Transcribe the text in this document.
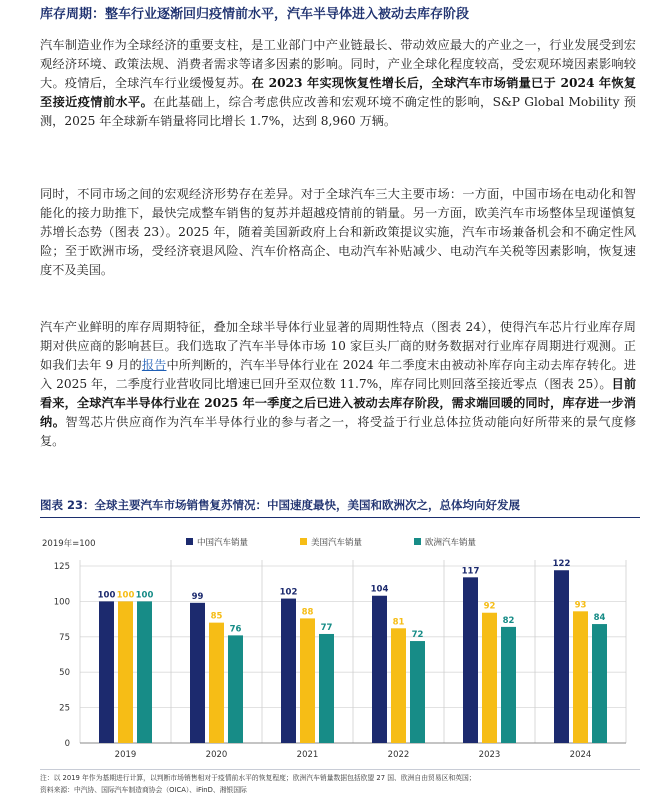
库存周期：整车行业逐渐回归疫情前水平，汽车半导体进入被动去库存阶段
汽车制造业作为全球经济的重要支柱，是工业部门中产业链最长、带动效应最大的产业之一，行业发展受到宏观经济环境、政策法规、消费者需求等诸多因素的影响。同时，产业全球化程度较高，受宏观环境因素影响较大。疫情后，全球汽车行业缓慢复苏。在 2023 年实现恢复性增长后，全球汽车市场销量已于 2024 年恢复至接近疫情前水平。在此基础上，综合考虑供应改善和宏观环境不确定性的影响，S&P Global Mobility 预测，2025 年全球新车销量将同比增长 1.7%，达到 8,960 万辆。
同时，不同市场之间的宏观经济形势存在差异。对于全球汽车三大主要市场：一方面，中国市场在电动化和智能化的接力助推下，最快完成整车销售的复苏并超越疫情前的销量。另一方面，欧美汽车市场整体呈现谨慎复苏增长态势（图表 23）。2025 年，随着美国新政府上台和新政策提议实施，汽车市场兼备机会和不确定性风险；至于欧洲市场，受经济衰退风险、汽车价格高企、电动汽车补贴减少、电动汽车关税等因素影响，恢复速度不及美国。
汽车产业鲜明的库存周期特征，叠加全球半导体行业显著的周期性特点（图表 24），使得汽车芯片行业库存周期对供应商的影响甚巨。我们选取了汽车半导体市场 10 家巨头厂商的财务数据对行业库存周期进行观测。正如我们去年 9 月的报告中所判断的，汽车半导体行业在 2024 年二季度末由被动补库存向主动去库存转化。进入 2025 年，二季度行业营收同比增速已回升至双位数 11.7%，库存同比则回落至接近零点（图表 25）。目前看来，全球汽车半导体行业在 2025 年一季度之后已进入被动去库存阶段，需求端回暖的同时，库存进一步消纳。智驾芯片供应商作为汽车半导体行业的参与者之一，将受益于行业总体拉货动能向好所带来的景气度修复。
图表 23：全球主要汽车市场销售复苏情况：中国速度最快，美国和欧洲次之，总体均向好发展
2019年=100
0
25
50
75
100
125
100 100 100
2019
99
85
76
2020
102
88
77
2021
104
81
72
2022
117
92
82
2023
122
93
84
2024
中国汽车销量	美国汽车销量	欧洲汽车销量
注：以 2019 年作为基期进行计算，以判断市场销售相对于疫情前水平的恢复程度；欧洲汽车销量数据包括欧盟 27 国、欧洲自由贸易区和英国；
资料来源：中汽协、国际汽车制造商协会（OICA）、iFinD、湘银国际
